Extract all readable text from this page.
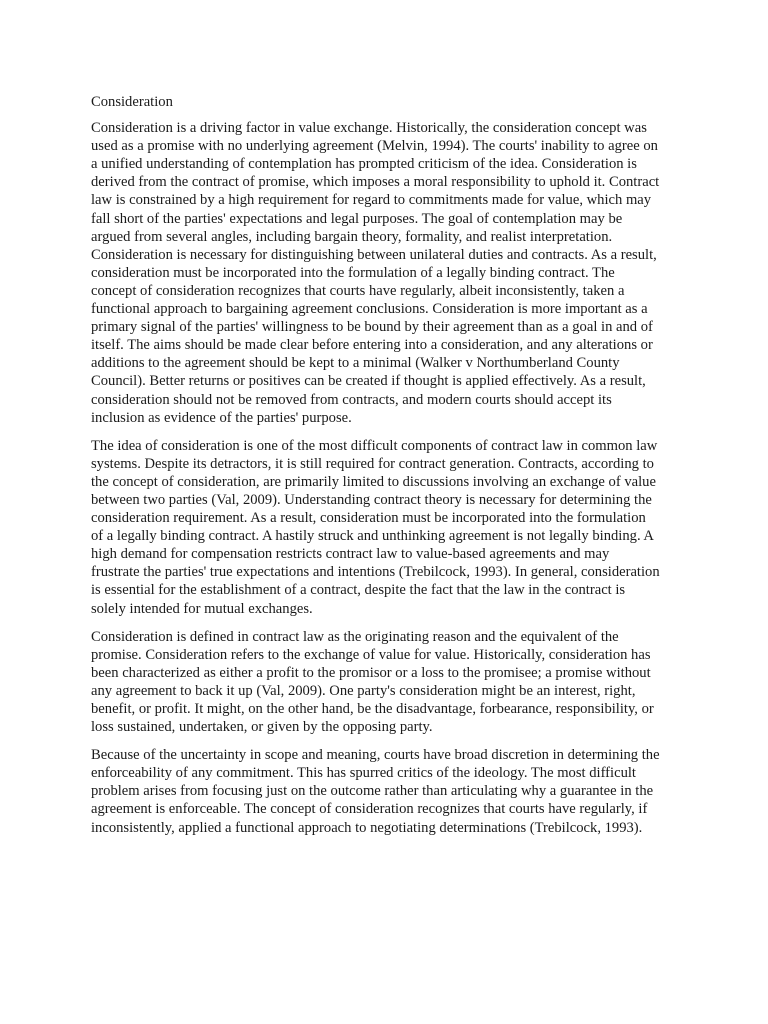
Consideration
Consideration is a driving factor in value exchange. Historically, the consideration concept was
used as a promise with no underlying agreement (Melvin, 1994). The courts' inability to agree on
a unified understanding of contemplation has prompted criticism of the idea. Consideration is
derived from the contract of promise, which imposes a moral responsibility to uphold it. Contract
law is constrained by a high requirement for regard to commitments made for value, which may
fall short of the parties' expectations and legal purposes. The goal of contemplation may be
argued from several angles, including bargain theory, formality, and realist interpretation.
Consideration is necessary for distinguishing between unilateral duties and contracts. As a result,
consideration must be incorporated into the formulation of a legally binding contract. The
concept of consideration recognizes that courts have regularly, albeit inconsistently, taken a
functional approach to bargaining agreement conclusions. Consideration is more important as a
primary signal of the parties' willingness to be bound by their agreement than as a goal in and of
itself. The aims should be made clear before entering into a consideration, and any alterations or
additions to the agreement should be kept to a minimal (Walker v Northumberland County
Council). Better returns or positives can be created if thought is applied effectively. As a result,
consideration should not be removed from contracts, and modern courts should accept its
inclusion as evidence of the parties' purpose.
The idea of consideration is one of the most difficult components of contract law in common law
systems. Despite its detractors, it is still required for contract generation. Contracts, according to
the concept of consideration, are primarily limited to discussions involving an exchange of value
between two parties (Val, 2009). Understanding contract theory is necessary for determining the
consideration requirement. As a result, consideration must be incorporated into the formulation
of a legally binding contract. A hastily struck and unthinking agreement is not legally binding. A
high demand for compensation restricts contract law to value-based agreements and may
frustrate the parties' true expectations and intentions (Trebilcock, 1993). In general, consideration
is essential for the establishment of a contract, despite the fact that the law in the contract is
solely intended for mutual exchanges.
Consideration is defined in contract law as the originating reason and the equivalent of the
promise. Consideration refers to the exchange of value for value. Historically, consideration has
been characterized as either a profit to the promisor or a loss to the promisee; a promise without
any agreement to back it up (Val, 2009). One party's consideration might be an interest, right,
benefit, or profit. It might, on the other hand, be the disadvantage, forbearance, responsibility, or
loss sustained, undertaken, or given by the opposing party.
Because of the uncertainty in scope and meaning, courts have broad discretion in determining the
enforceability of any commitment. This has spurred critics of the ideology. The most difficult
problem arises from focusing just on the outcome rather than articulating why a guarantee in the
agreement is enforceable. The concept of consideration recognizes that courts have regularly, if
inconsistently, applied a functional approach to negotiating determinations (Trebilcock, 1993).
